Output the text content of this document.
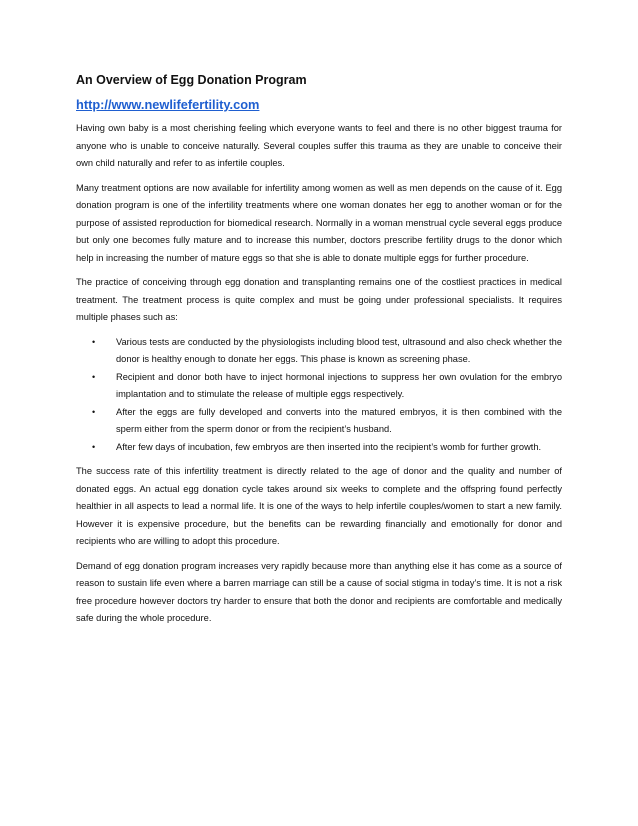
An Overview of Egg Donation Program
http://www.newlifefertility.com

Having own baby is a most cherishing feeling which everyone wants to feel and there is no other biggest trauma for anyone who is unable to conceive naturally. Several couples suffer this trauma as they are unable to conceive their own child naturally and refer to as infertile couples.

Many treatment options are now available for infertility among women as well as men depends on the cause of it. Egg donation program is one of the infertility treatments where one woman donates her egg to another woman or for the purpose of assisted reproduction for biomedical research. Normally in a woman menstrual cycle several eggs produce but only one becomes fully mature and to increase this number, doctors prescribe fertility drugs to the donor which help in increasing the number of mature eggs so that she is able to donate multiple eggs for further procedure.

The practice of conceiving through egg donation and transplanting remains one of the costliest practices in medical treatment. The treatment process is quite complex and must be going under professional specialists. It requires multiple phases such as:

• Various tests are conducted by the physiologists including blood test, ultrasound and also check whether the donor is healthy enough to donate her eggs. This phase is known as screening phase.
• Recipient and donor both have to inject hormonal injections to suppress her own ovulation for the embryo implantation and to stimulate the release of multiple eggs respectively.
• After the eggs are fully developed and converts into the matured embryos, it is then combined with the sperm either from the sperm donor or from the recipient’s husband.
• After few days of incubation, few embryos are then inserted into the recipient’s womb for further growth.

The success rate of this infertility treatment is directly related to the age of donor and the quality and number of donated eggs. An actual egg donation cycle takes around six weeks to complete and the offspring found perfectly healthier in all aspects to lead a normal life. It is one of the ways to help infertile couples/women to start a new family. However it is expensive procedure, but the benefits can be rewarding financially and emotionally for donor and recipients who are willing to adopt this procedure.

Demand of egg donation program increases very rapidly because more than anything else it has come as a source of reason to sustain life even where a barren marriage can still be a cause of social stigma in today’s time. It is not a risk free procedure however doctors try harder to ensure that both the donor and recipients are comfortable and medically safe during the whole procedure.
